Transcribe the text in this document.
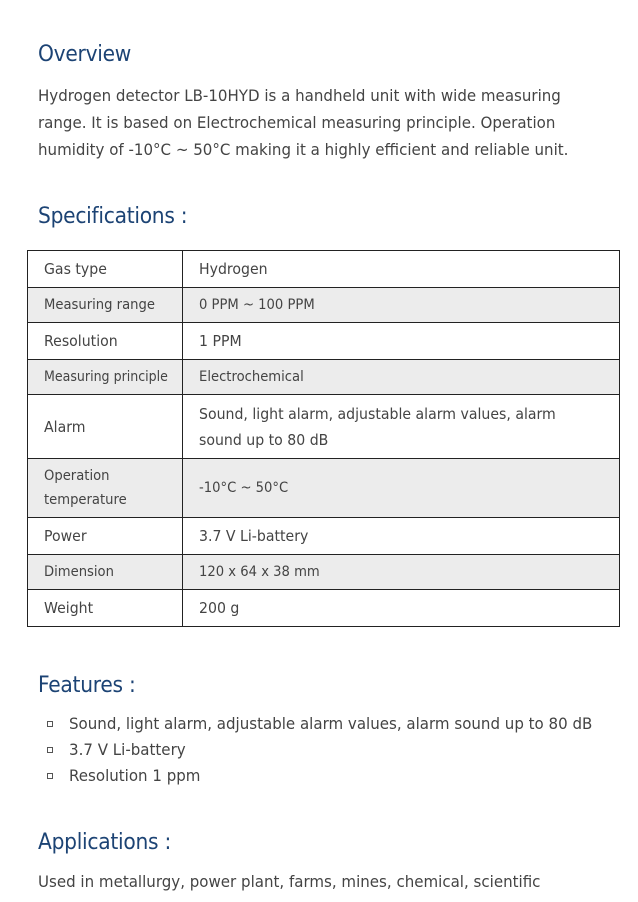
Overview

Hydrogen detector LB-10HYD is a handheld unit with wide measuring
range. It is based on Electrochemical measuring principle. Operation
humidity of -10°C ~ 50°C making it a highly efficient and reliable unit.

Specifications :
Gas type	Hydrogen
Measuring range	0 PPM ~ 100 PPM
Resolution	1 PPM
Measuring principle	Electrochemical
Alarm	Sound, light alarm, adjustable alarm values, alarm sound up to 80 dB

Operation temperature	-10°C ~ 50°C
Power	3.7 V Li-battery
Dimension	120 x 64 x 38 mm
Weight	200 g
Features :
Sound, light alarm, adjustable alarm values, alarm sound up to 80 dB
3.7 V Li-battery
Resolution 1 ppm
Applications :

Used in metallurgy, power plant, farms, mines, chemical, scientific
